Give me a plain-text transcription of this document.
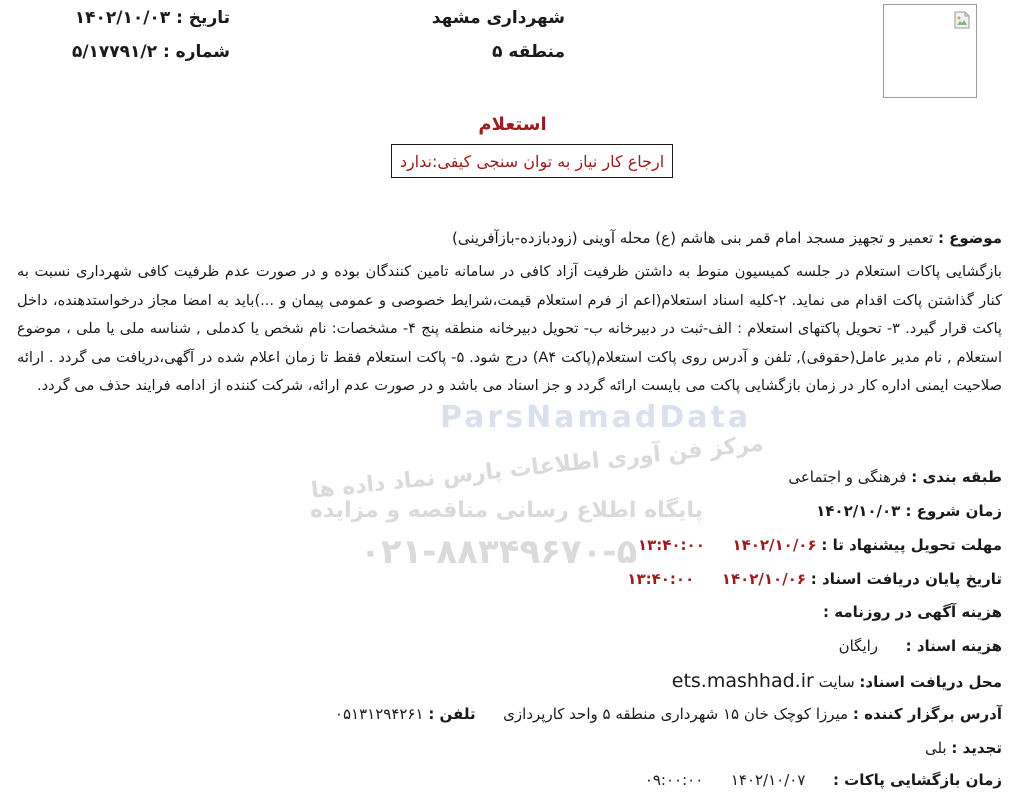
تاریخ : ۱۴۰۲/۱۰/۰۳
شماره : ۵/۱۷۷۹۱/۲
شهرداری مشهد
منطقه ۵
استعلام
ارجاع کار نیاز به توان سنجی کیفی:ندارد
موضوع : تعمیر و تجهیز مسجد امام قمر بنی هاشم (ع) محله آوینی (زودبازده-بازآفرینی)
بازگشایی پاکات استعلام در جلسه کمیسیون منوط به داشتن ظرفیت آزاد کافی در سامانه تامین کنندگان بوده و در صورت عدم ظرفیت کافی شهرداری نسبت به کنار گذاشتن پاکت اقدام می نماید. ۲-کلیه اسناد استعلام(اعم از فرم استعلام قیمت،شرایط خصوصی و عمومی پیمان و ...)باید به امضا مجاز درخواستدهنده، داخل پاکت قرار گیرد. ۳- تحویل پاکتهای استعلام : الف-ثبت در دبیرخانه ب- تحویل دبیرخانه منطقه پنج ۴- مشخصات: نام شخص یا کدملی , شناسه ملی یا ملی ، موضوع استعلام , نام مدیر عامل(حقوقی), تلفن و آدرس روی پاکت استعلام(پاکت A۴) درج شود. ۵- پاکت استعلام فقط تا زمان اعلام شده در آگهی،دریافت می گردد . ارائه صلاحیت ایمنی اداره کار در زمان بازگشایی پاکت می بایست ارائه گردد و جز اسناد می باشد و در صورت عدم ارائه، شرکت کننده از ادامه فرایند حذف می گردد.
ParsNamadData
مرکز فن آوری اطلاعات پارس نماد داده ها
پایگاه اطلاع رسانی مناقصه و مزایده
۰۲۱-۸۸۳۴۹۶۷۰-۵
طبقه بندی : فرهنگی و اجتماعی
زمان شروع : ۱۴۰۲/۱۰/۰۳
مهلت تحویل پیشنهاد تا : ۱۴۰۲/۱۰/۰۶  ۱۳:۴۰:۰۰
تاریخ پایان دریافت اسناد : ۱۴۰۲/۱۰/۰۶  ۱۳:۴۰:۰۰
هزینه آگهی در روزنامه :
هزینه اسناد :  رایگان
محل دریافت اسناد: سایت ets.mashhad.ir
آدرس برگزار کننده : میرزا کوچک خان ۱۵ شهرداری منطقه ۵ واحد کارپردازی  تلفن : ۰۵۱۳۱۲۹۴۲۶۱
تجدید : بلی
زمان بازگشایی پاکات :  ۱۴۰۲/۱۰/۰۷  ۰۹:۰۰:۰۰
